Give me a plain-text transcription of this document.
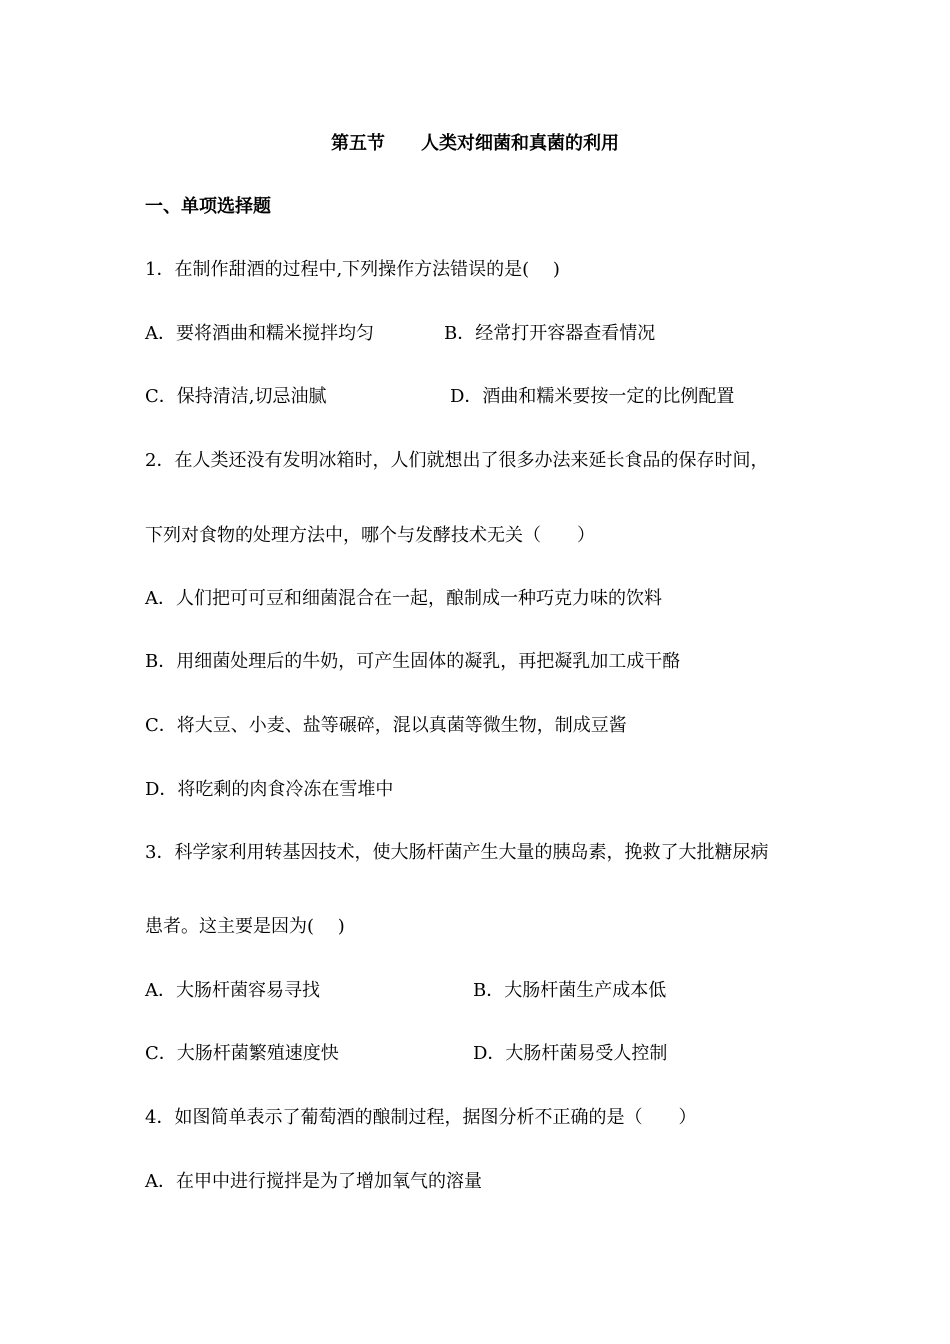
第五节　　人类对细菌和真菌的利用
一、单项选择题
1．在制作甜酒的过程中,下列操作方法错误的是(　 )
A．要将酒曲和糯米搅拌均匀	B．经常打开容器查看情况
C．保持清洁,切忌油腻	D．酒曲和糯米要按一定的比例配置
2．在人类还没有发明冰箱时，人们就想出了很多办法来延长食品的保存时间，
下列对食物的处理方法中，哪个与发酵技术无关（　　）
A．人们把可可豆和细菌混合在一起，酿制成一种巧克力味的饮料
B．用细菌处理后的牛奶，可产生固体的凝乳，再把凝乳加工成干酪
C．将大豆、小麦、盐等碾碎，混以真菌等微生物，制成豆酱
D．将吃剩的肉食冷冻在雪堆中
3．科学家利用转基因技术，使大肠杆菌产生大量的胰岛素，挽救了大批糖尿病
患者。这主要是因为(　 )
A．大肠杆菌容易寻找	B．大肠杆菌生产成本低
C．大肠杆菌繁殖速度快	D．大肠杆菌易受人控制
4．如图简单表示了葡萄酒的酿制过程，据图分析不正确的是（　　）
A．在甲中进行搅拌是为了增加氧气的溶量
